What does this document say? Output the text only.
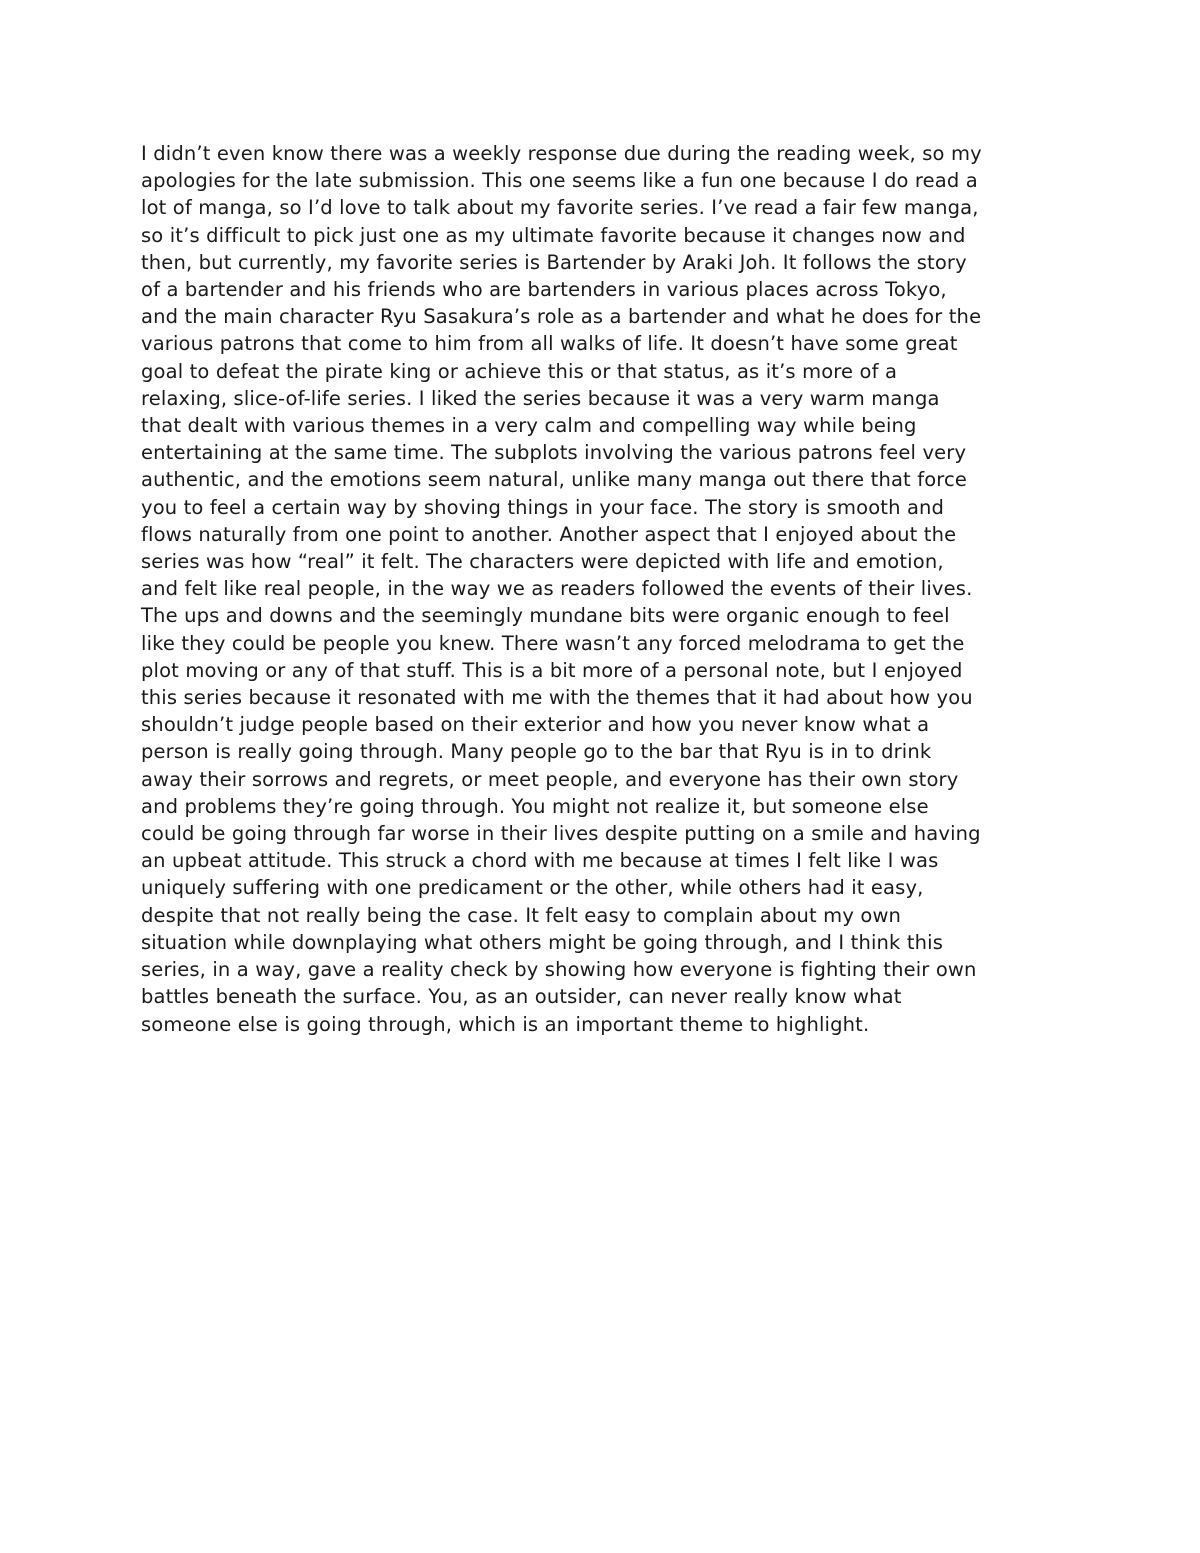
I didn’t even know there was a weekly response due during the reading week, so my
apologies for the late submission. This one seems like a fun one because I do read a
lot of manga, so I’d love to talk about my favorite series. I’ve read a fair few manga,
so it’s difficult to pick just one as my ultimate favorite because it changes now and
then, but currently, my favorite series is Bartender by Araki Joh. It follows the story
of a bartender and his friends who are bartenders in various places across Tokyo,
and the main character Ryu Sasakura’s role as a bartender and what he does for the
various patrons that come to him from all walks of life. It doesn’t have some great
goal to defeat the pirate king or achieve this or that status, as it’s more of a
relaxing, slice-of-life series. I liked the series because it was a very warm manga
that dealt with various themes in a very calm and compelling way while being
entertaining at the same time. The subplots involving the various patrons feel very
authentic, and the emotions seem natural, unlike many manga out there that force
you to feel a certain way by shoving things in your face. The story is smooth and
flows naturally from one point to another. Another aspect that I enjoyed about the
series was how “real” it felt. The characters were depicted with life and emotion,
and felt like real people, in the way we as readers followed the events of their lives.
The ups and downs and the seemingly mundane bits were organic enough to feel
like they could be people you knew. There wasn’t any forced melodrama to get the
plot moving or any of that stuff. This is a bit more of a personal note, but I enjoyed
this series because it resonated with me with the themes that it had about how you
shouldn’t judge people based on their exterior and how you never know what a
person is really going through. Many people go to the bar that Ryu is in to drink
away their sorrows and regrets, or meet people, and everyone has their own story
and problems they’re going through. You might not realize it, but someone else
could be going through far worse in their lives despite putting on a smile and having
an upbeat attitude. This struck a chord with me because at times I felt like I was
uniquely suffering with one predicament or the other, while others had it easy,
despite that not really being the case. It felt easy to complain about my own
situation while downplaying what others might be going through, and I think this
series, in a way, gave a reality check by showing how everyone is fighting their own
battles beneath the surface. You, as an outsider, can never really know what
someone else is going through, which is an important theme to highlight.
